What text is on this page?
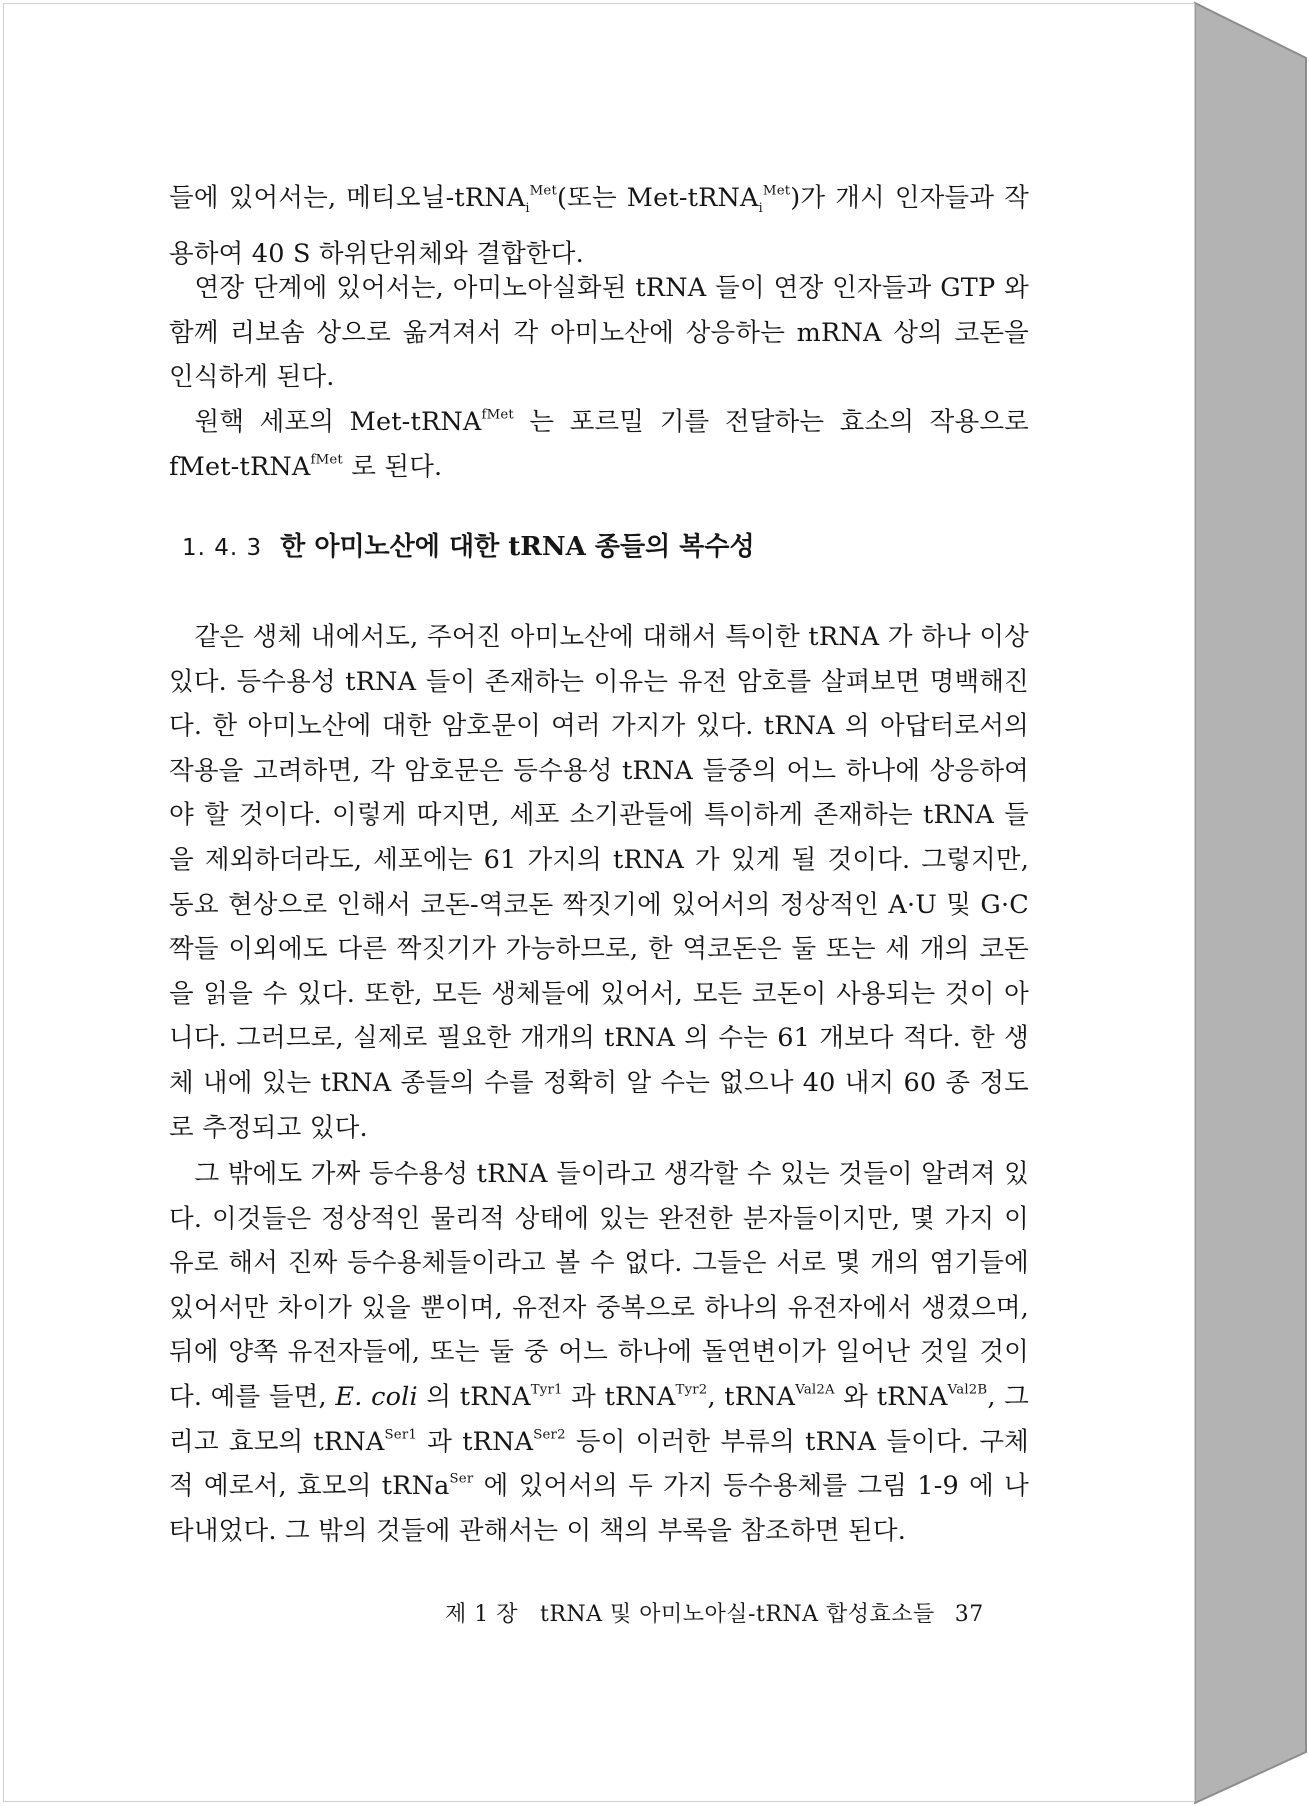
들에 있어서는, 메티오닐-tRNA$_i^{Met}$(또는 Met-tRNA$_i^{Met}$)가 개시 인자들과 작용하여 40 S 하위단위체와 결합한다.

연장 단계에 있어서는, 아미노아실화된 tRNA 들이 연장 인자들과 GTP 와 함께 리보솜 상으로 옮겨져서 각 아미노산에 상응하는 mRNA 상의 코돈을 인식하게 된다.

원핵 세포의 Met-tRNA$^{fMet}$ 는 포르밀 기를 전달하는 효소의 작용으로 fMet-tRNA$^{fMet}$ 로 된다.

1. 4. 3 한 아미노산에 대한 tRNA 종들의 복수성

같은 생체 내에서도, 주어진 아미노산에 대해서 특이한 tRNA 가 하나 이상 있다. 등수용성 tRNA 들이 존재하는 이유는 유전 암호를 살펴보면 명백해진다. 한 아미노산에 대한 암호문이 여러 가지가 있다. tRNA 의 아답터로서의 작용을 고려하면, 각 암호문은 등수용성 tRNA 들중의 어느 하나에 상응하여야 할 것이다. 이렇게 따지면, 세포 소기관들에 특이하게 존재하는 tRNA 들을 제외하더라도, 세포에는 61 가지의 tRNA 가 있게 될 것이다. 그렇지만, 동요 현상으로 인해서 코돈-역코돈 짝짓기에 있어서의 정상적인 A·U 및 G·C 짝들 이외에도 다른 짝짓기가 가능하므로, 한 역코돈은 둘 또는 세 개의 코돈을 읽을 수 있다. 또한, 모든 생체들에 있어서, 모든 코돈이 사용되는 것이 아니다. 그러므로, 실제로 필요한 개개의 tRNA 의 수는 61 개보다 적다. 한 생체 내에 있는 tRNA 종들의 수를 정확히 알 수는 없으나 40 내지 60 종 정도로 추정되고 있다.

그 밖에도 가짜 등수용성 tRNA 들이라고 생각할 수 있는 것들이 알려져 있다. 이것들은 정상적인 물리적 상태에 있는 완전한 분자들이지만, 몇 가지 이유로 해서 진짜 등수용체들이라고 볼 수 없다. 그들은 서로 몇 개의 염기들에 있어서만 차이가 있을 뿐이며, 유전자 중복으로 하나의 유전자에서 생겼으며, 뒤에 양쪽 유전자들에, 또는 둘 중 어느 하나에 돌연변이가 일어난 것일 것이다. 예를 들면, E. coli 의 tRNA$^{Tyr1}$ 과 tRNA$^{Tyr2}$, tRNA$^{Val2A}$ 와 tRNA$^{Val2B}$, 그리고 효모의 tRNA$^{Ser1}$ 과 tRNA$^{Ser2}$ 등이 이러한 부류의 tRNA 들이다. 구체적 예로서, 효모의 tRNa$^{Ser}$ 에 있어서의 두 가지 등수용체를 그림 1-9 에 나타내었다. 그 밖의 것들에 관해서는 이 책의 부록을 참조하면 된다.

제 1 장 tRNA 및 아미노아실-tRNA 합성효소들 37
